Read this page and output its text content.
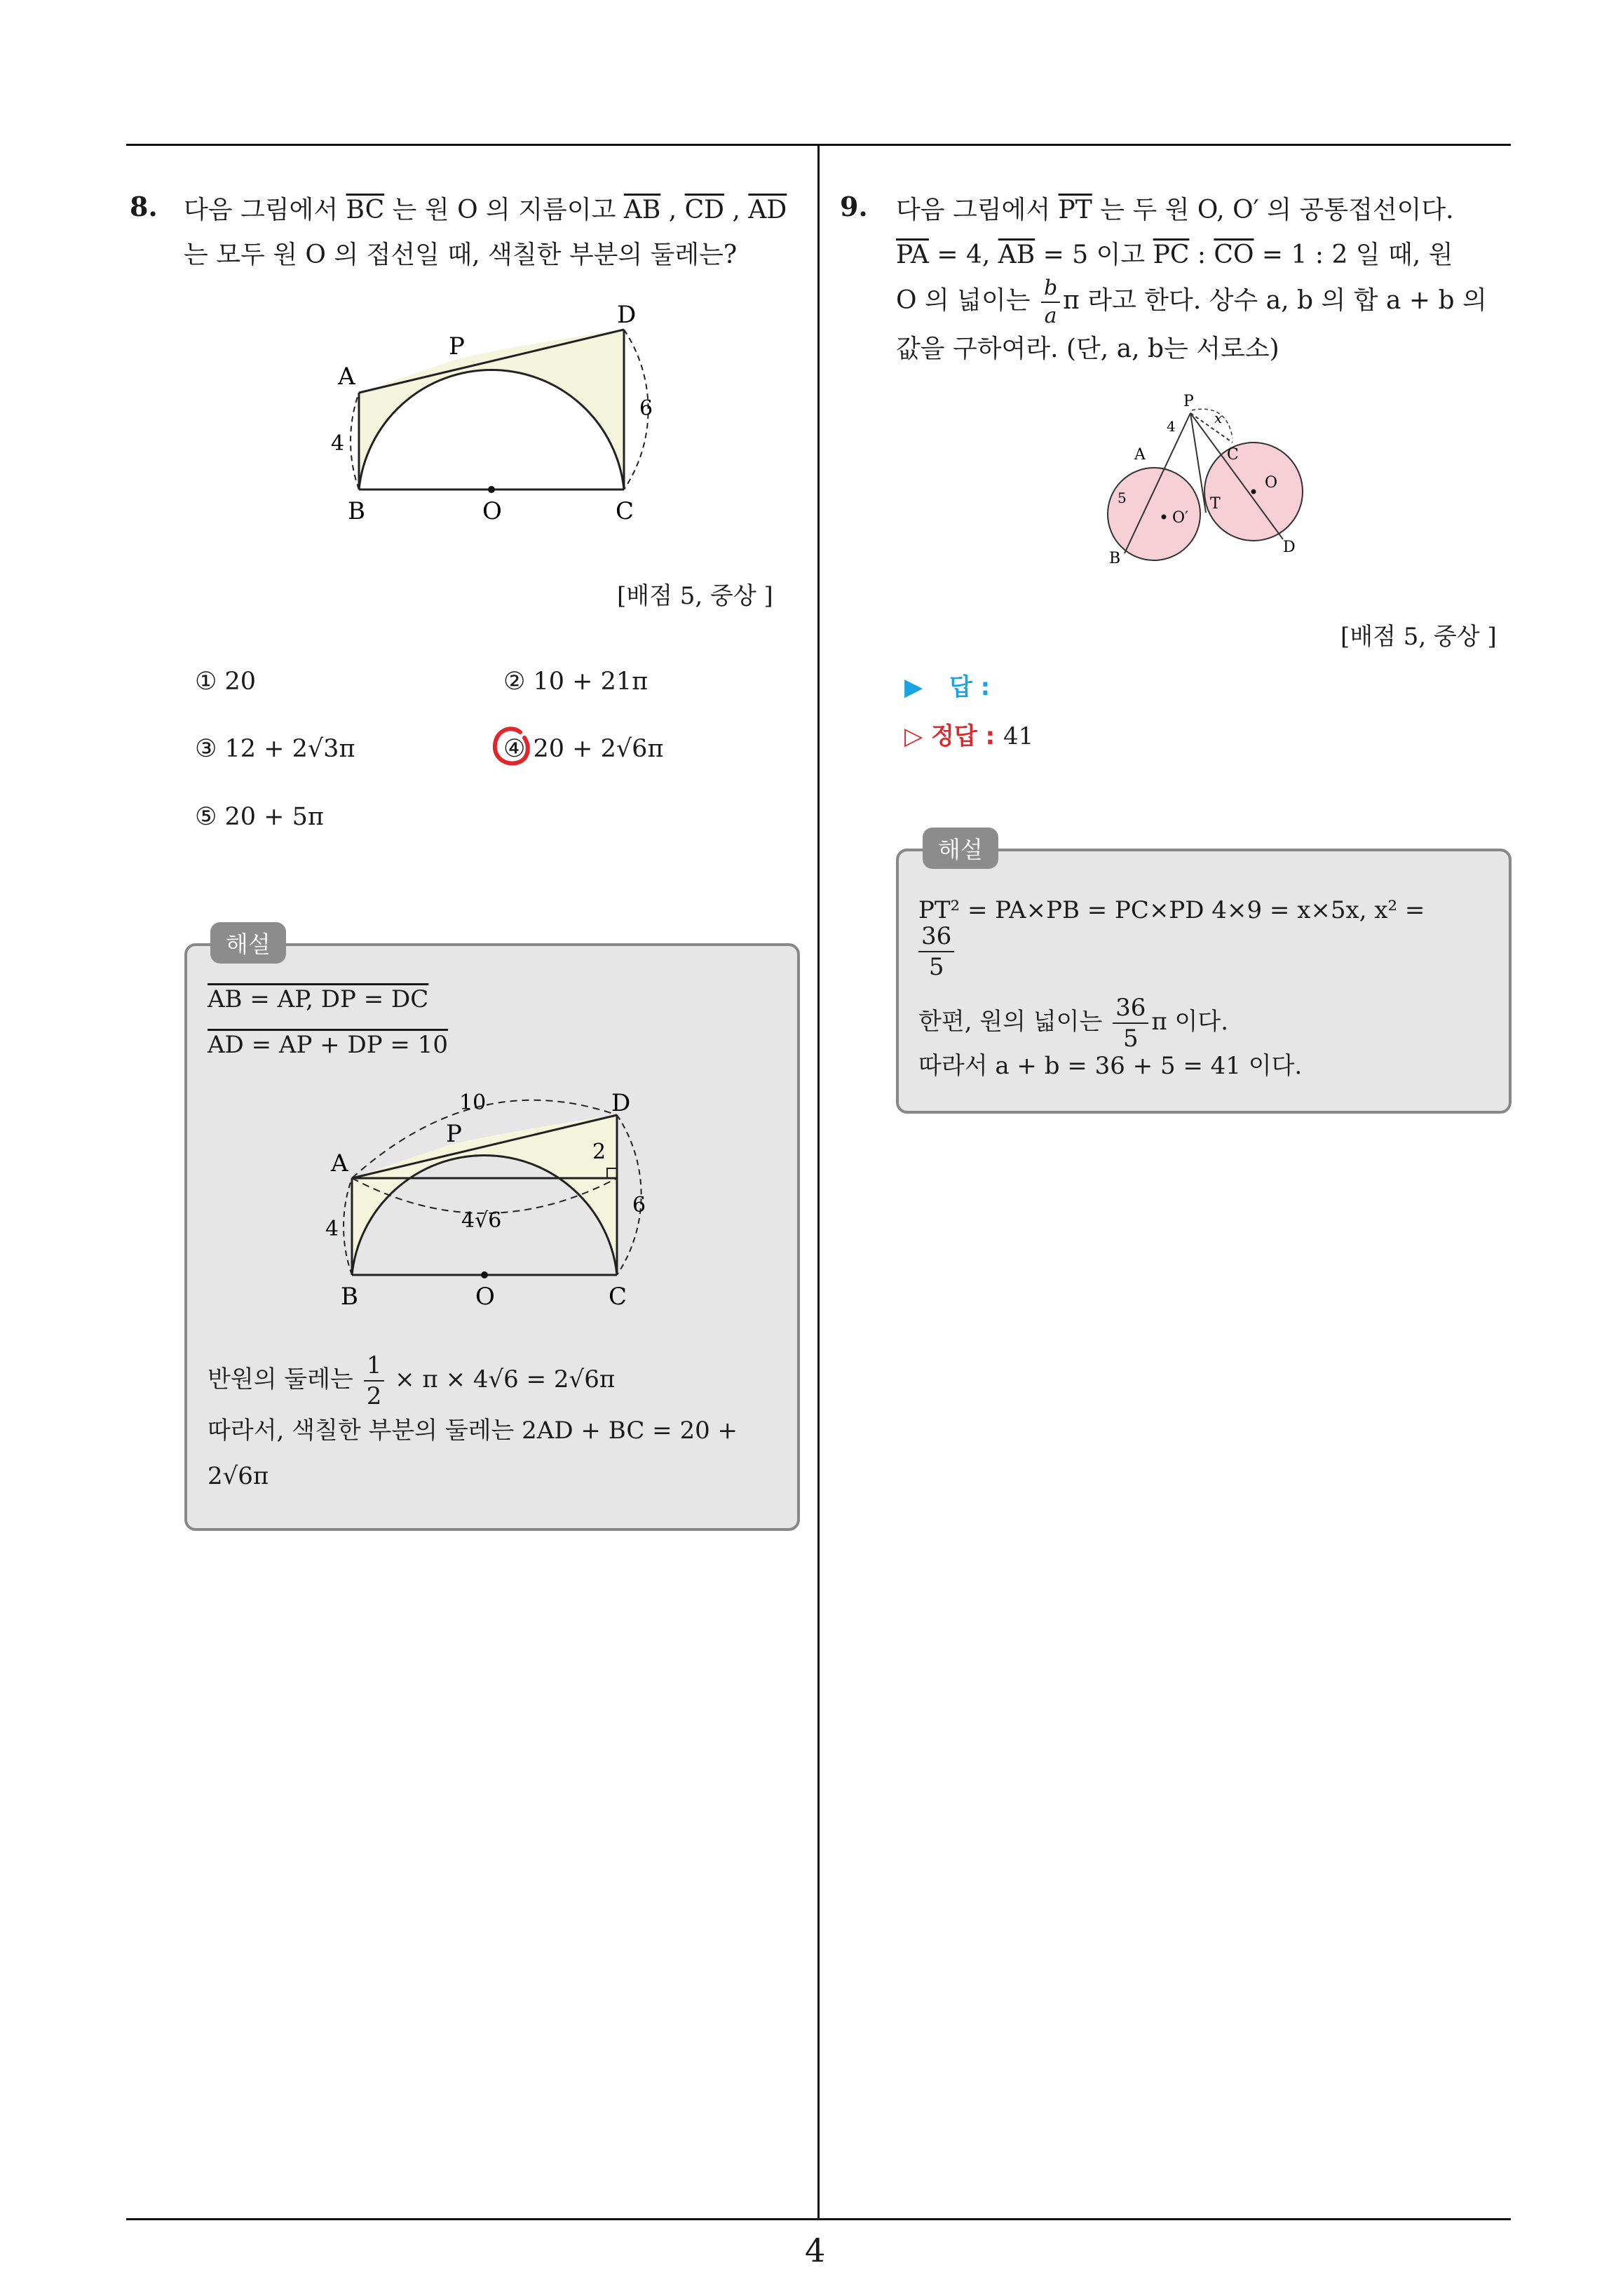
8. 다음 그림에서 $\overline{BC}$ 는 원 O 의 지름이고 $\overline{AB}$ , $\overline{CD}$ , $\overline{AD}$
는 모두 원 O 의 접선일 때, 색칠한 부분의 둘레는?
A
B	O	C
D
P
4
6
[배점 5, 중상 ]
① 20	② 10 + 21π
③ 12 + 2√3π	④ 20 + 2√6π
⑤ 20 + 5π
해설
AB = AP, DP = DC
AD = AP + DP = 10
10
2
4√6
4
6
A
B	O	C
D
P
반원의 둘레는 $\frac{1}{2} \times \pi \times 4√6 = 2√6\pi$
따라서, 색칠한 부분의 둘레는 2AD + BC = 20 +
2√6π
9. 다음 그림에서 $\overline{PT}$ 는 두 원 O, O′ 의 공통접선이다.
$\overline{PA} = 4$, $\overline{AB} = 5$ 이고 $\overline{PC}$ : $\overline{CO} = 1$ : 2 일 때, 원
O 의 넓이는 $\frac{b}{a}$ π 라고 한다. 상수 a, b 의 합 a + b 의
값을 구하여라. (단, a, b는 서로소)
P
4	x
A	C
O
5
O′
T
B
D
[배점 5, 중상 ]
▶ 답 :
▷ 정답 : 41
해설
PT² = PA×PB = PC×PD 4×9 = x×5x, x² =
$\frac{36}{5}$
한편, 원의 넓이는 $\frac{36}{5}$ π 이다.
따라서 a + b = 36 + 5 = 41 이다.
4
